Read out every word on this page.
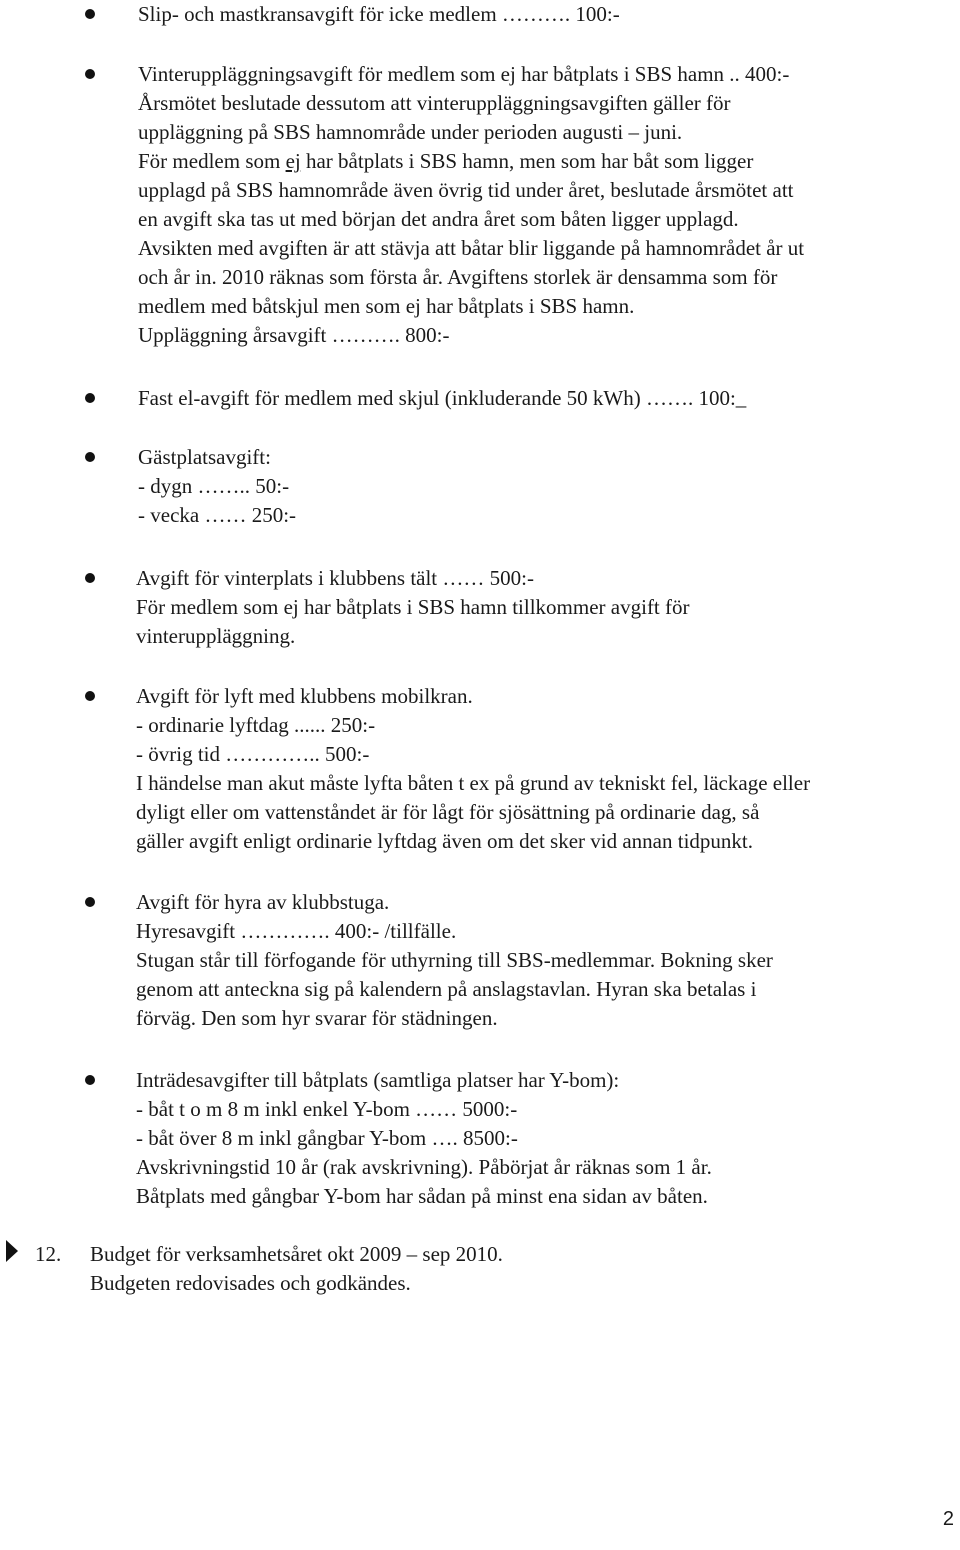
Slip- och mastkransavgift för icke medlem ………. 100:-
Vinteruppläggningsavgift för medlem som ej har båtplats i SBS hamn .. 400:-
Årsmötet beslutade dessutom att vinteruppläggningsavgiften gäller för
uppläggning på SBS hamnområde under perioden augusti – juni.
För medlem som ej har båtplats i SBS hamn, men som har båt som ligger
upplagd på SBS hamnområde även övrig tid under året, beslutade årsmötet att
en avgift ska tas ut med början det andra året som båten ligger upplagd.
Avsikten med avgiften är att stävja att båtar blir liggande på hamnområdet år ut
och år in. 2010 räknas som första år. Avgiftens storlek är densamma som för
medlem med båtskjul men som ej har båtplats i SBS hamn.
Uppläggning årsavgift ………. 800:-
Fast el-avgift för medlem med skjul (inkluderande 50 kWh) ……. 100:_
Gästplatsavgift:
- dygn …….. 50:-
- vecka …… 250:-
Avgift för vinterplats i klubbens tält …… 500:-
För medlem som ej har båtplats i SBS hamn tillkommer avgift för
vinteruppläggning.
Avgift för lyft med klubbens mobilkran.
- ordinarie lyftdag ...... 250:-
- övrig tid ………….. 500:-
I händelse man akut måste lyfta båten t ex på grund av tekniskt fel, läckage eller
dyligt eller om vattenståndet är för lågt för sjösättning på ordinarie dag, så
gäller avgift enligt ordinarie lyftdag även om det sker vid annan tidpunkt.
Avgift för hyra av klubbstuga.
Hyresavgift …………. 400:- /tillfälle.
Stugan står till förfogande för uthyrning till SBS-medlemmar. Bokning sker
genom att anteckna sig på kalendern på anslagstavlan. Hyran ska betalas i
förväg. Den som hyr svarar för städningen.
Inträdesavgifter till båtplats (samtliga platser har Y-bom):
- båt t o m 8 m inkl enkel Y-bom …… 5000:-
- båt över 8 m inkl gångbar Y-bom …. 8500:-
Avskrivningstid 10 år (rak avskrivning). Påbörjat år räknas som 1 år.
Båtplats med gångbar Y-bom har sådan på minst ena sidan av båten.
12. Budget för verksamhetsåret okt 2009 – sep 2010.
Budgeten redovisades och godkändes.
2
